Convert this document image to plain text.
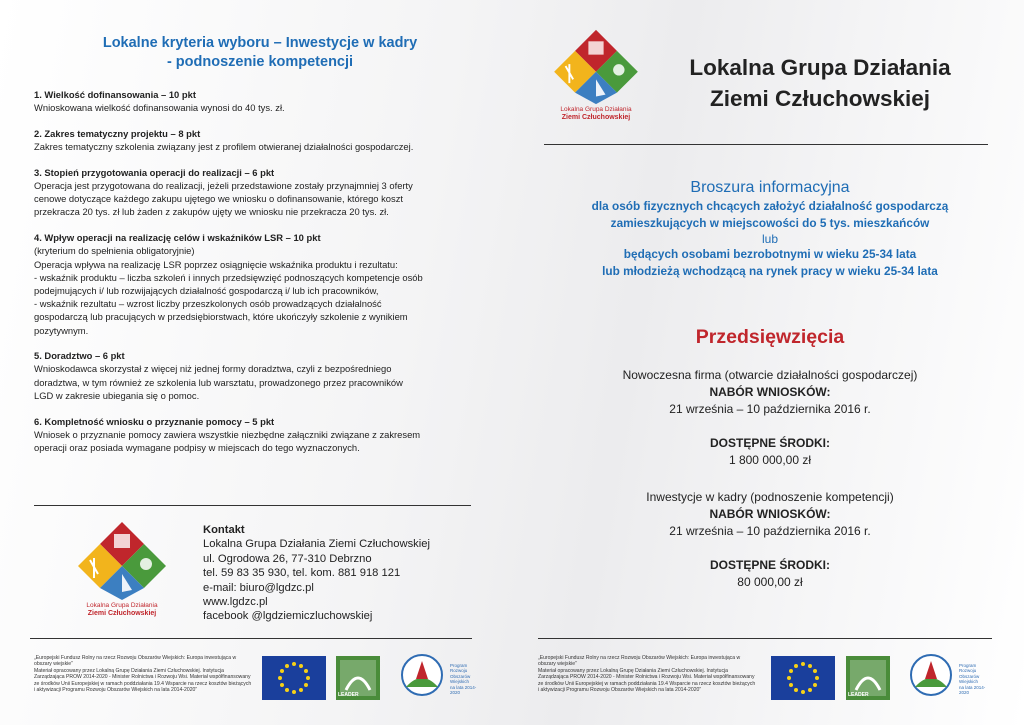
Lokalne kryteria wyboru – Inwestycje w kadry
- podnoszenie kompetencji
1. Wielkość dofinansowania – 10 pkt
Wnioskowana wielkość dofinansowania wynosi do 40 tys. zł.
2. Zakres tematyczny projektu – 8 pkt
Zakres tematyczny szkolenia związany jest z profilem otwieranej działalności gospodarczej.
3. Stopień przygotowania operacji do realizacji – 6 pkt
Operacja jest przygotowana do realizacji, jeżeli przedstawione zostały przynajmniej 3 oferty
cenowe dotyczące każdego zakupu ujętego we wniosku o dofinansowanie, którego koszt
przekracza 20 tys. zł lub żaden z zakupów ujęty we wniosku nie przekracza 20 tys. zł.
4. Wpływ operacji na realizację celów i wskaźników LSR – 10 pkt
(kryterium do spełnienia obligatoryjnie)
Operacja wpływa na realizację LSR poprzez osiągnięcie wskaźnika produktu i rezultatu:
- wskaźnik produktu – liczba szkoleń i innych przedsięwzięć podnoszących kompetencje osób
podejmujących i/ lub rozwijających działalność gospodarczą i/ lub ich pracowników,
- wskaźnik rezultatu – wzrost liczby przeszkolonych osób prowadzących działalność
gospodarczą lub pracujących w przedsiębiorstwach, które ukończyły szkolenie z wynikiem
pozytywnym.
5. Doradztwo – 6 pkt
Wnioskodawca skorzystał z więcej niż jednej formy doradztwa, czyli z bezpośredniego
doradztwa, w tym również ze szkolenia lub warsztatu, prowadzonego przez pracowników
LGD w zakresie ubiegania się o pomoc.
6. Kompletność wniosku o przyznanie pomocy – 5 pkt
Wniosek o przyznanie pomocy zawiera wszystkie niezbędne załączniki związane z zakresem
operacji oraz posiada wymagane podpisy w miejscach do tego wyznaczonych.
Lokalna Grupa Działania
Ziemi Człuchowskiej
Kontakt
Lokalna Grupa Działania Ziemi Człuchowskiej
ul. Ogrodowa 26, 77-310 Debrzno
tel. 59 83 35 930, tel. kom. 881 918 121
e-mail: biuro@lgdzc.pl
www.lgdzc.pl
facebook @lgdziemiczluchowskiej
„Europejski Fundusz Rolny na rzecz Rozwoju Obszarów Wiejskich: Europa inwestująca w obszary wiejskie”
Materiał opracowany przez Lokalną Grupę Działania Ziemi Człuchowskiej. Instytucja Zarządzająca PROW 2014-2020 - Minister Rolnictwa i Rozwoju Wsi. Materiał współfinansowany ze środków Unii Europejskiej w ramach poddziałania 19.4 Wsparcie na rzecz kosztów bieżących i aktywizacji Programu Rozwoju Obszarów Wiejskich na lata 2014-2020”
LEADER
Program
Rozwoju
Obszarów
Wiejskich
na lata 2014-2020
Lokalna Grupa Działania
Ziemi Człuchowskiej
Lokalna Grupa Działania
Ziemi Człuchowskiej
Broszura informacyjna
dla osób fizycznych chcących założyć działalność gospodarczą
zamieszkujących w miejscowości do 5 tys. mieszkańców
lub
będących osobami bezrobotnymi w wieku 25-34 lata
lub młodzieżą wchodzącą na rynek pracy w wieku 25-34 lata
Przedsięwzięcia
Nowoczesna firma (otwarcie działalności gospodarczej)
NABÓR WNIOSKÓW:
21 września – 10 października 2016 r.
DOSTĘPNE ŚRODKI:
1 800 000,00 zł
Inwestycje w kadry (podnoszenie kompetencji)
NABÓR WNIOSKÓW:
21 września – 10 października 2016 r.
DOSTĘPNE ŚRODKI:
80 000,00 zł
„Europejski Fundusz Rolny na rzecz Rozwoju Obszarów Wiejskich: Europa inwestująca w obszary wiejskie”
Materiał opracowany przez Lokalną Grupę Działania Ziemi Człuchowskiej. Instytucja Zarządzająca PROW 2014-2020 - Minister Rolnictwa i Rozwoju Wsi. Materiał współfinansowany ze środków Unii Europejskiej w ramach poddziałania 19.4 Wsparcie na rzecz kosztów bieżących i aktywizacji Programu Rozwoju Obszarów Wiejskich na lata 2014-2020”
LEADER
Program
Rozwoju
Obszarów
Wiejskich
na lata 2014-2020
